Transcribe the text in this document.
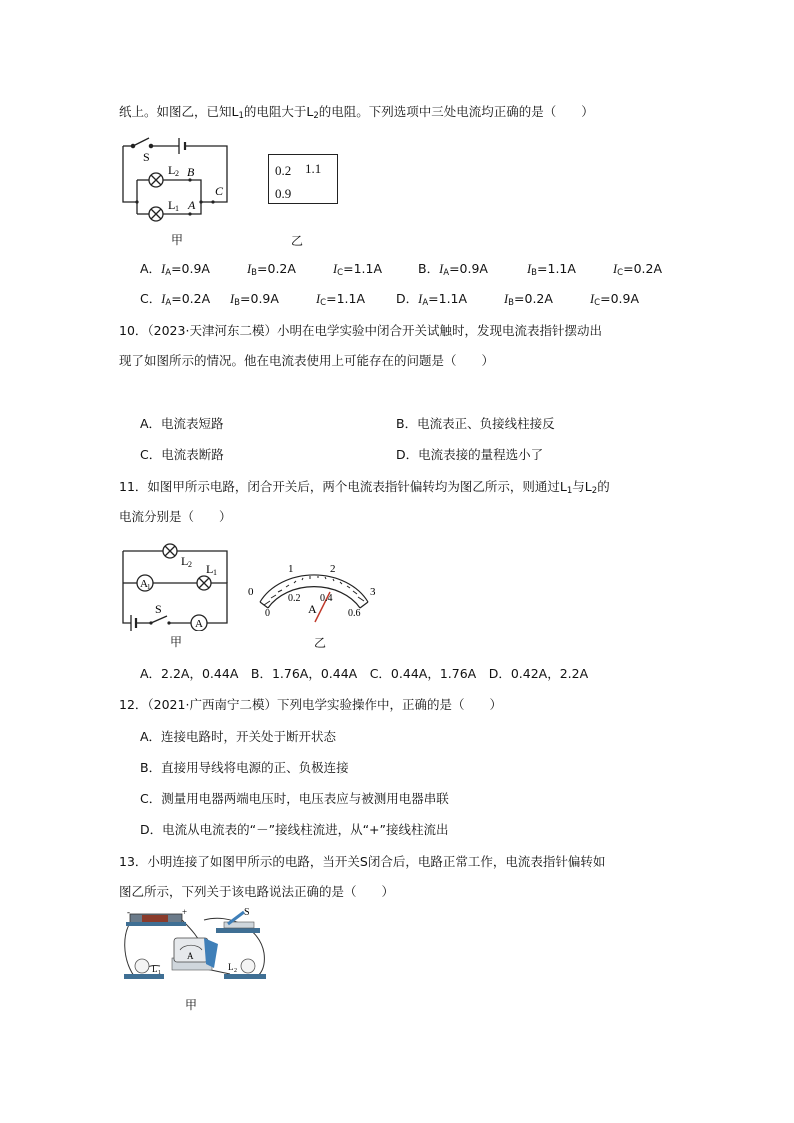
纸上。如图乙，已知$L_1$的电阻大于$L_2$的电阻。下列选项中三处电流均正确的是（　　）
S
L 2 B
C
L 1 A
甲
0.2 1.1
0.9
乙
A．$I_A=0.9A$	$I_B=0.2A$	$I_C=1.1A$	B．$I_A=0.9A$	$I_B=1.1A$	$I_C=0.2A$
C．$I_A=0.2A$ $I_B=0.9A$	$I_C=1.1A$ D．$I_A=1.1A$	$I_B=0.2A$	$I_C=0.9A$
10．（2023·天津河东二模）小明在电学实验中闭合开关试触时，发现电流表指针摆动出
现了如图所示的情况。他在电流表使用上可能存在的问题是（　　）
A．电流表短路	B．电流表正、负接线柱接反
C．电流表断路	D．电流表接的量程选小了
11．如图甲所示电路，闭合开关后，两个电流表指针偏转均为图乙所示，则通过$L_1$与$L_2$的
电流分别是（　　）
L 2 L 1
A 1
S
A
甲
0
1	2
3
0.2 0.4
0	0.6
A
乙
A．2.2A，0.44A　B．1.76A，0.44A　C．0.44A，1.76A　D．0.42A，2.2A
12．（2021·广西南宁二模）下列电学实验操作中，正确的是（　　）
A．连接电路时，开关处于断开状态
B．直接用导线将电源的正、负极连接
C．测量用电器两端电压时，电压表应与被测用电器串联
D．电流从电流表的“－”接线柱流进，从“+”接线柱流出
13．小明连接了如图甲所示的电路，当开关S闭合后，电路正常工作，电流表指针偏转如
图乙所示，下列关于该电路说法正确的是（　　）
-	+	S
A
L 1
L 2
甲
